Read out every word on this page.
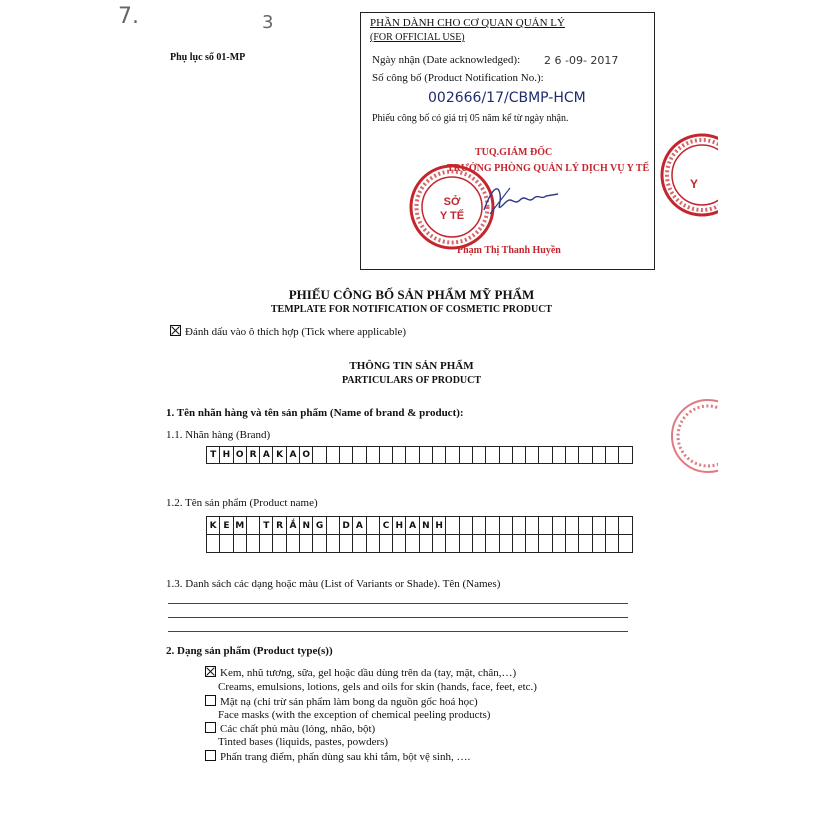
7.	3
Phụ lục số 01-MP
PHẦN DÀNH CHO CƠ QUAN QUẢN LÝ
(FOR OFFICIAL USE)
Ngày nhận (Date acknowledged): 2 6 -09- 2017
Số công bố (Product Notification No.):
002666/17/CBMP-HCM
Phiếu công bố có giá trị 05 năm kể từ ngày nhận.
SỞ
Y TẾ
TUQ.GIÁM ĐỐC
TRƯỞNG PHÒNG QUẢN LÝ DỊCH VỤ Y TẾ
Phạm Thị Thanh Huyền
Y
PHIẾU CÔNG BỐ SẢN PHẨM MỸ PHẨM
TEMPLATE FOR NOTIFICATION OF COSMETIC PRODUCT
Đánh dấu vào ô thích hợp (Tick where applicable)
THÔNG TIN SẢN PHẨM
PARTICULARS OF PRODUCT
1. Tên nhãn hàng và tên sản phẩm (Name of brand & product):
1.1. Nhãn hàng (Brand)
T H O R A K A O
1.2. Tên sản phẩm (Product name)
K E M	T R Ắ N G	D A	C H A N H
1.3. Danh sách các dạng hoặc màu (List of Variants or Shade). Tên (Names)
2. Dạng sản phẩm (Product type(s))
Kem, nhũ tương, sữa, gel hoặc dầu dùng trên da (tay, mặt, chân,…)
Creams, emulsions, lotions, gels and oils for skin (hands, face, feet, etc.)
Mặt nạ (chỉ trừ sản phẩm làm bong da nguồn gốc hoá học)
Face masks (with the exception of chemical peeling products)
Các chất phủ màu (lỏng, nhão, bột)
Tinted bases (liquids, pastes, powders)
Phấn trang điểm, phấn dùng sau khi tắm, bột vệ sinh, ….
